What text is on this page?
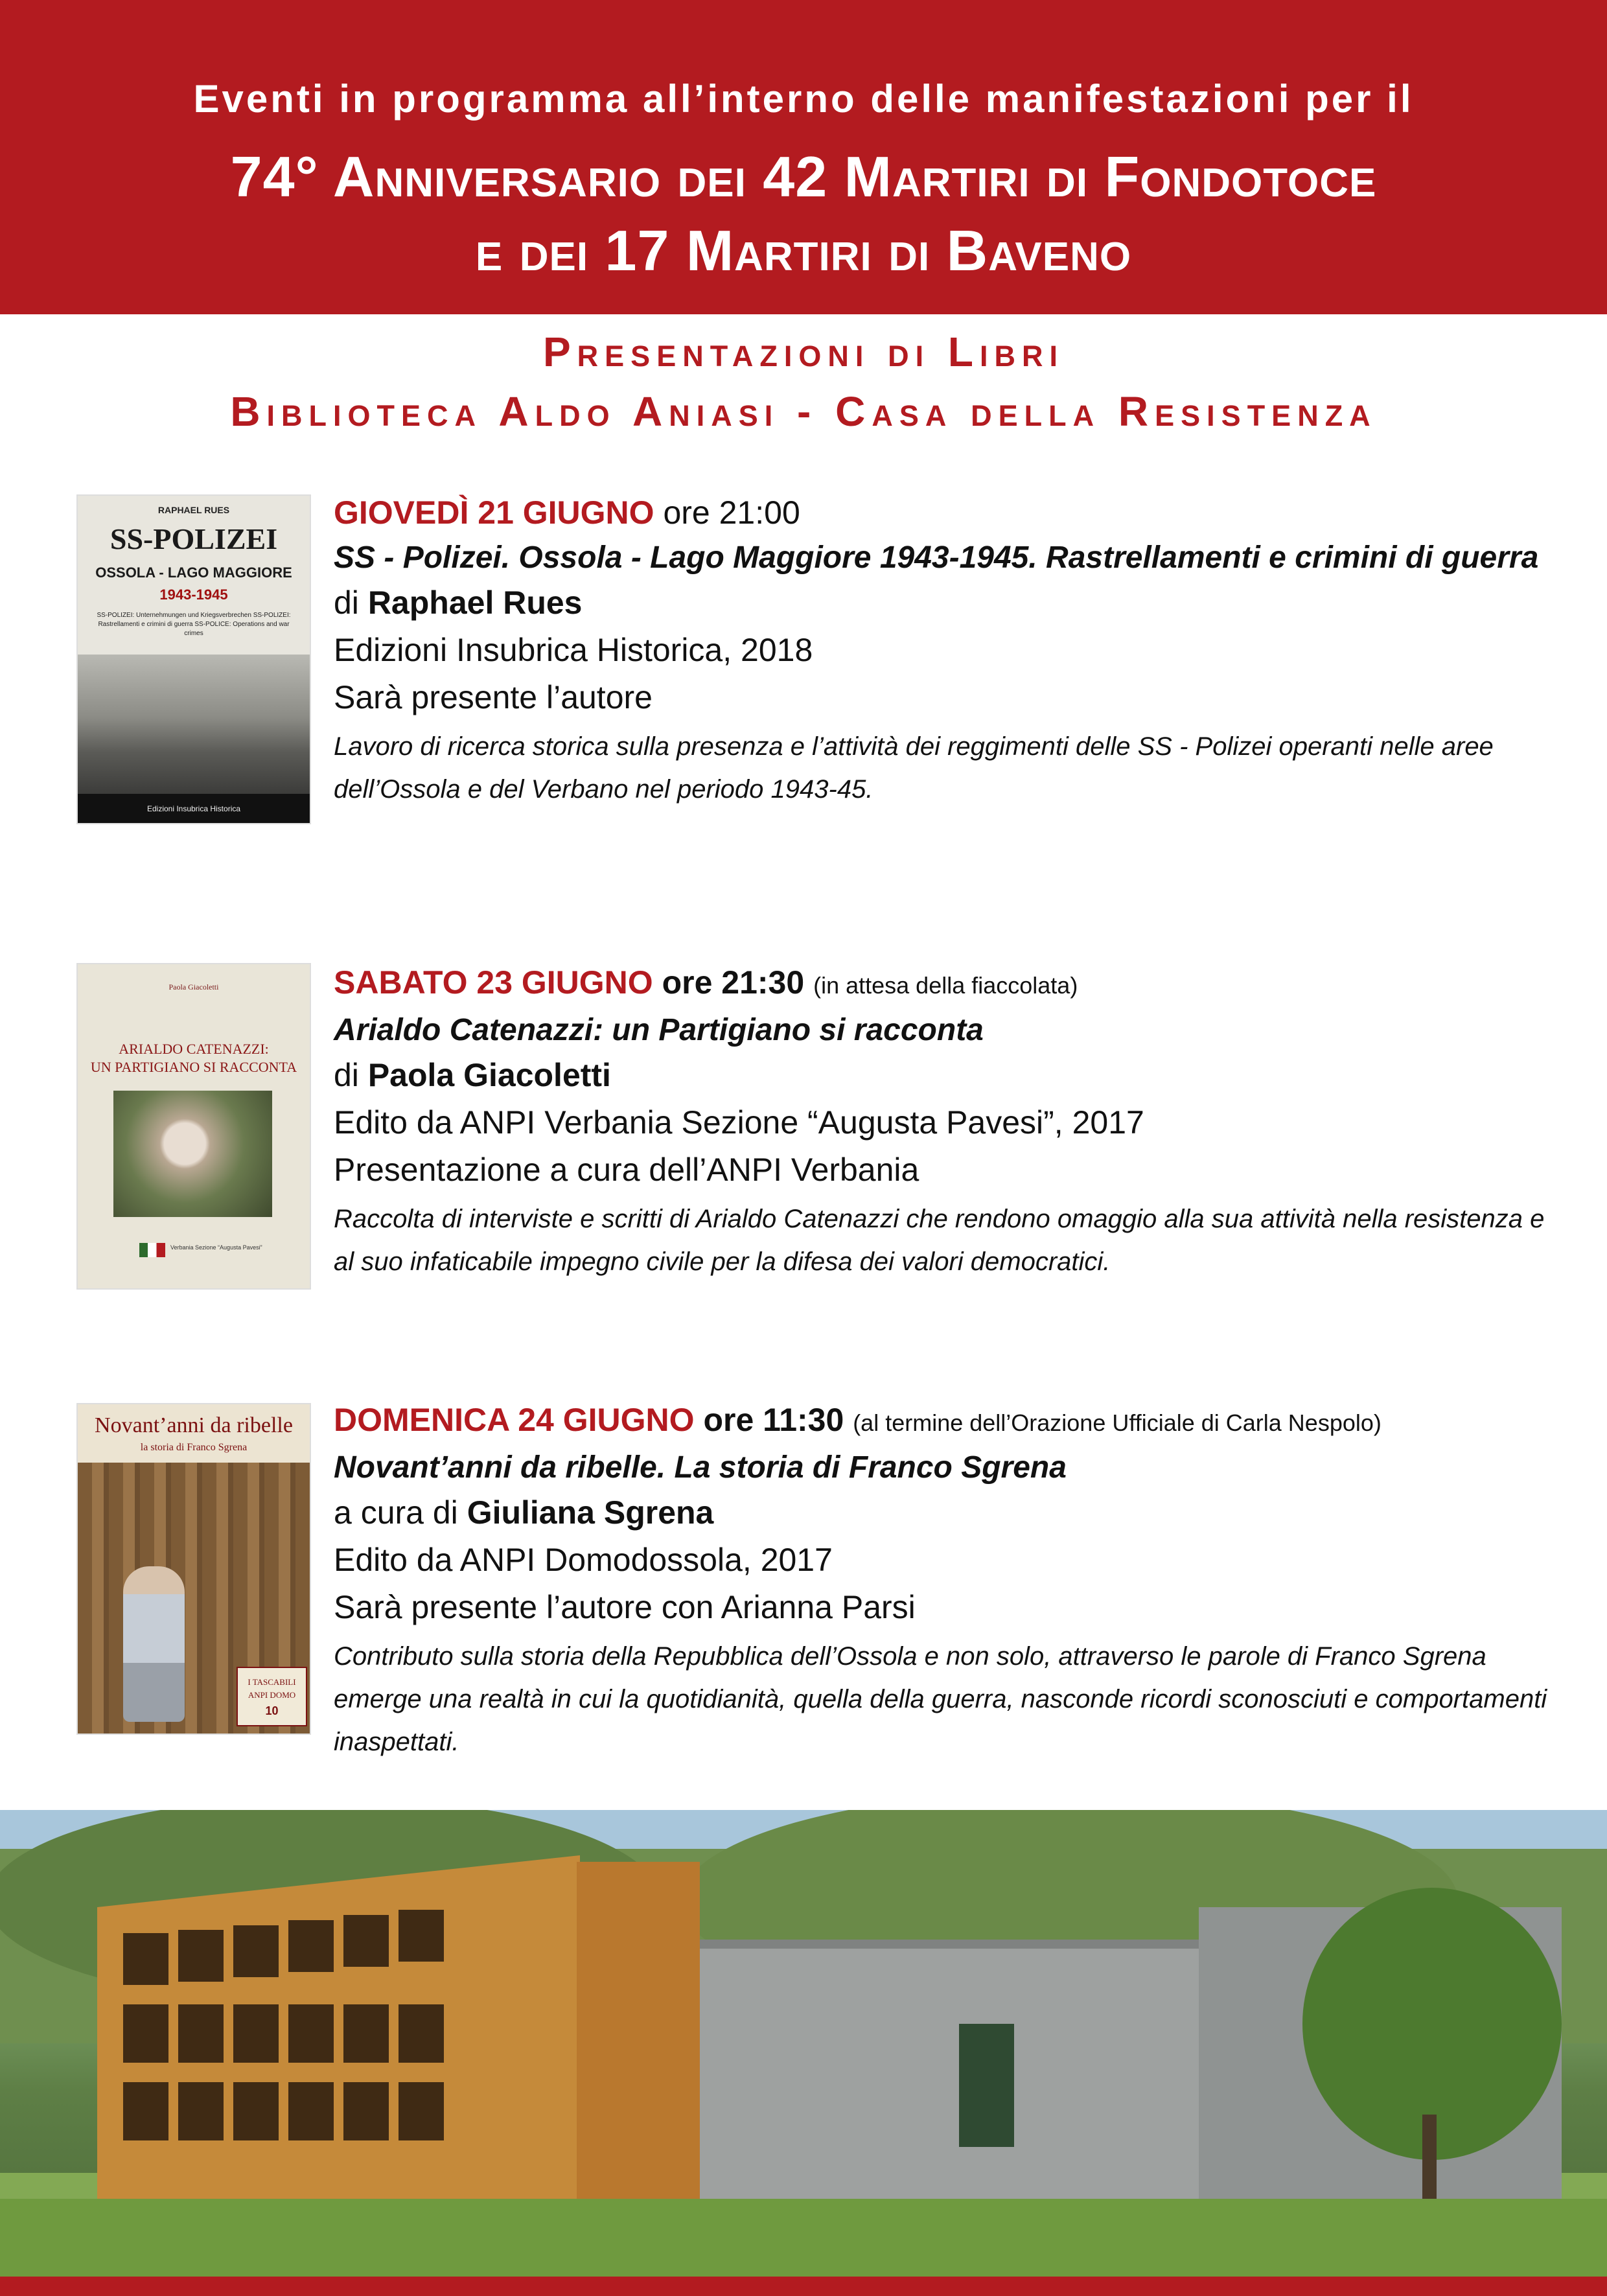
Eventi in programma all’interno delle manifestazioni per il
74° Anniversario dei 42 Martiri di Fondotoce
e dei 17 Martiri di Baveno
Presentazioni di Libri
Biblioteca Aldo Aniasi - Casa della Resistenza
RAPHAEL RUES
SS-POLIZEI
OSSOLA - LAGO MAGGIORE
1943-1945
SS-POLIZEI: Unternehmungen und Kriegsverbrechen SS-POLIZEI: Rastrellamenti e crimini di guerra SS-POLICE: Operations and war crimes
Edizioni Insubrica Historica
GIOVEDÌ 21 GIUGNO ore 21:00
SS - Polizei. Ossola - Lago Maggiore 1943-1945. Rastrellamenti e crimini di guerra
di Raphael Rues
Edizioni Insubrica Historica, 2018
Sarà presente l’autore
Lavoro di ricerca storica sulla presenza e l’attività dei reggimenti delle SS - Polizei operanti nelle aree dell’Ossola e del Verbano nel periodo 1943-45.
Paola Giacoletti
ARIALDO CATENAZZI:
UN PARTIGIANO SI RACCONTA
Verbania Sezione “Augusta Pavesi”
SABATO 23 GIUGNO ore 21:30 (in attesa della fiaccolata)
Arialdo Catenazzi: un Partigiano si racconta
di Paola Giacoletti
Edito da ANPI Verbania Sezione “Augusta Pavesi”, 2017
Presentazione a cura dell’ANPI Verbania
Raccolta di interviste e scritti di Arialdo Catenazzi che rendono omaggio alla sua attività nella resistenza e al suo infaticabile impegno civile per la difesa dei valori democratici.
Novant’anni da ribelle
la storia di Franco Sgrena
I TASCABILI
ANPI DOMO
10
DOMENICA 24 GIUGNO ore 11:30 (al termine dell’Orazione Ufficiale di Carla Nespolo)
Novant’anni da ribelle. La storia di Franco Sgrena
a cura di Giuliana Sgrena
Edito da ANPI Domodossola, 2017
Sarà presente l’autore con Arianna Parsi
Contributo sulla storia della Repubblica dell’Ossola e non solo, attraverso le parole di Franco Sgrena emerge una realtà in cui la quotidianità, quella della guerra, nasconde ricordi sconosciuti e comportamenti inaspettati.
